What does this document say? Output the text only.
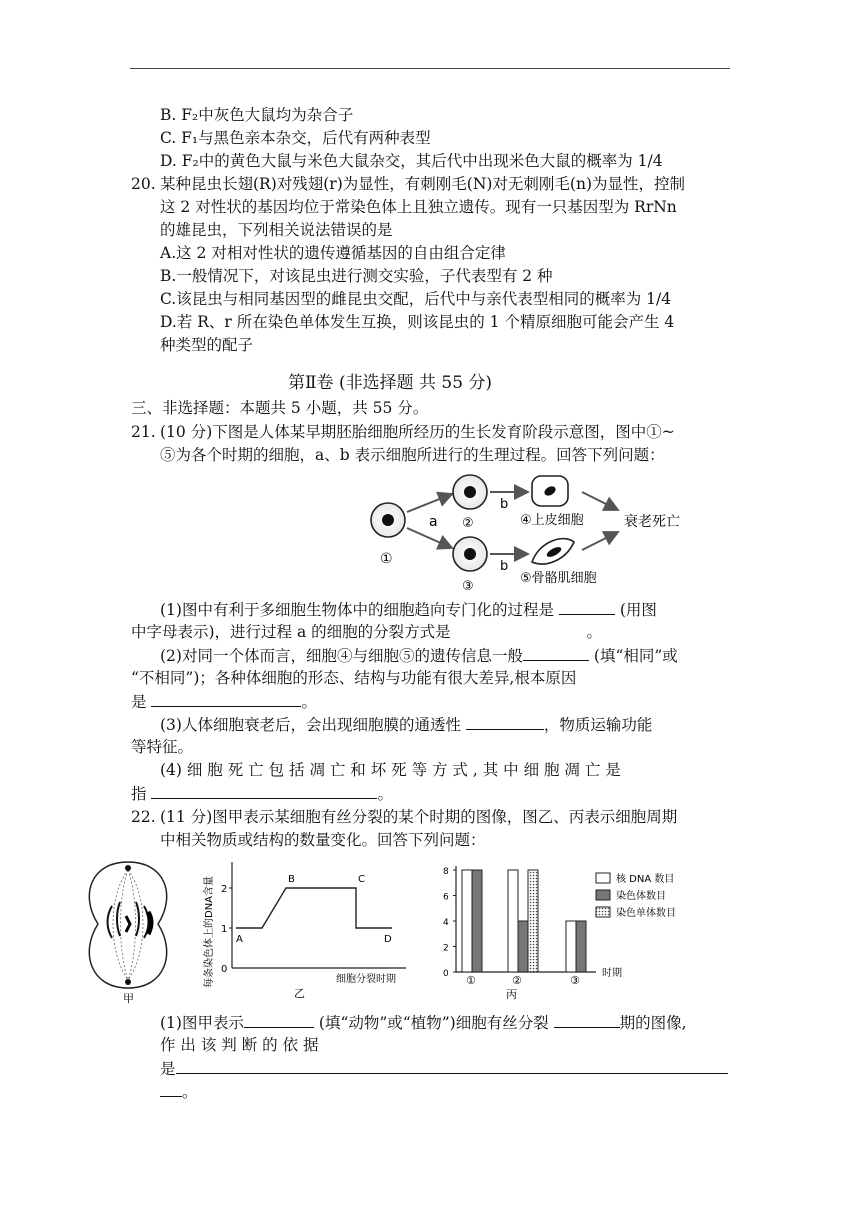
B. F₂中灰色大鼠均为杂合子
C. F₁与黑色亲本杂交，后代有两种表型
D. F₂中的黄色大鼠与米色大鼠杂交，其后代中出现米色大鼠的概率为 1/4
20. 某种昆虫长翅(R)对残翅(r)为显性，有刺刚毛(N)对无刺刚毛(n)为显性，控制
这 2 对性状的基因均位于常染色体上且独立遗传。现有一只基因型为 RrNn
的雄昆虫，下列相关说法错误的是
A.这 2 对相对性状的遗传遵循基因的自由组合定律
B.一般情况下，对该昆虫进行测交实验，子代表型有 2 种
C.该昆虫与相同基因型的雌昆虫交配，后代中与亲代表型相同的概率为 1/4
D.若 R、r 所在染色单体发生互换，则该昆虫的 1 个精原细胞可能会产生 4
种类型的配子
第Ⅱ卷 (非选择题 共 55 分)
三、非选择题：本题共 5 小题，共 55 分。
21. (10 分)下图是人体某早期胚胎细胞所经历的生长发育阶段示意图，图中①~
⑤为各个时期的细胞，a、b 表示细胞所进行的生理过程。回答下列问题：
①
a ②
③
b
b
④上皮细胞
⑤骨骼肌细胞
衰老死亡
(1)图中有利于多细胞生物体中的细胞趋向专门化的过程是	(用图
中字母表示)，进行过程 a 的细胞的分裂方式是	。
(2)对同一个体而言，细胞④与细胞⑤的遗传信息一般	(填“相同”或
“不相同”)；各种体细胞的形态、结构与功能有很大差异,根本原因
是	。
(3)人体细胞衰老后，会出现细胞膜的通透性	，物质运输功能
等特征。
(4) 细 胞 死 亡 包 括 凋 亡 和 坏 死 等 方 式 , 其 中 细 胞 凋 亡 是
指	。
22. (11 分)图甲表示某细胞有丝分裂的某个时期的图像，图乙、丙表示细胞周期
中相关物质或结构的数量变化。回答下列问题：
甲
每条染色体上的DNA含量	细胞分裂时期
乙
0
1
2
A
B	C
D
时期
丙
核 DNA 数目
染色体数目
染色单体数目
0
2
4
6
8
①	②	③
(1)图甲表示	(填“动物”或“植物”)细胞有丝分裂	期的图像,
作 出 该 判 断 的 依 据
是
。
